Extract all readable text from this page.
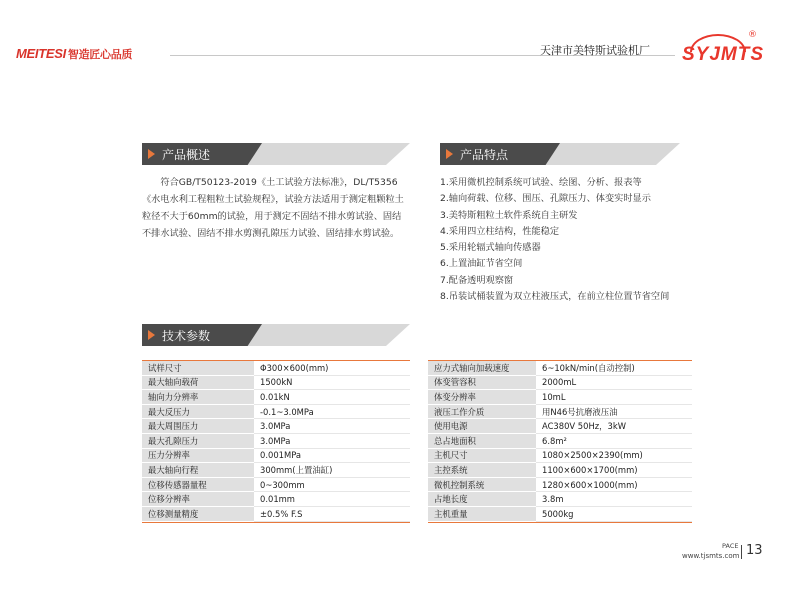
MEITESI 智造匠心品质	天津市美特斯试验机厂 SYJMTS
®
产品概述
符合GB/T50123-2019《土工试验方法标准》，DL/T5356《水电水利工程粗粒土试验规程》，试验方法适用于测定粗颗粒土粒径不大于60mm的试验，用于测定不固结不排水剪试验、固结不排水试验、固结不排水剪测孔隙压力试验、固结排水剪试验。
产品特点
1.采用微机控制系统可试验、绘图、分析、报表等
2.轴向荷载、位移、围压、孔隙压力、体变实时显示
3.美特斯粗粒土软件系统自主研发
4.采用四立柱结构，性能稳定
5.采用轮辐式轴向传感器
6.上置油缸节省空间
7.配备透明观察窗
8.吊装试桶装置为双立柱液压式，在前立柱位置节省空间
技术参数
试样尺寸	Φ300×600(mm)
最大轴向载荷	1500kN
轴向力分辨率	0.01kN
最大反压力	-0.1~3.0MPa
最大周围压力	3.0MPa
最大孔隙压力	3.0MPa
压力分辨率	0.001MPa
最大轴向行程	300mm(上置油缸)
位移传感器量程	0~300mm
位移分辨率	0.01mm
位移测量精度	±0.5% F.S
应力式轴向加载速度	6~10kN/min(自动控制)
体变管容积	2000mL
体变分辨率	10mL
液压工作介质	用N46号抗磨液压油
使用电源	AC380V 50Hz，3kW
总占地面积	6.8m²
主机尺寸	1080×2500×2390(mm)
主控系统	1100×600×1700(mm)
微机控制系统	1280×600×1000(mm)
占地长度	3.8m
主机重量	5000kg
PACE
www.tjsmts.com 13
